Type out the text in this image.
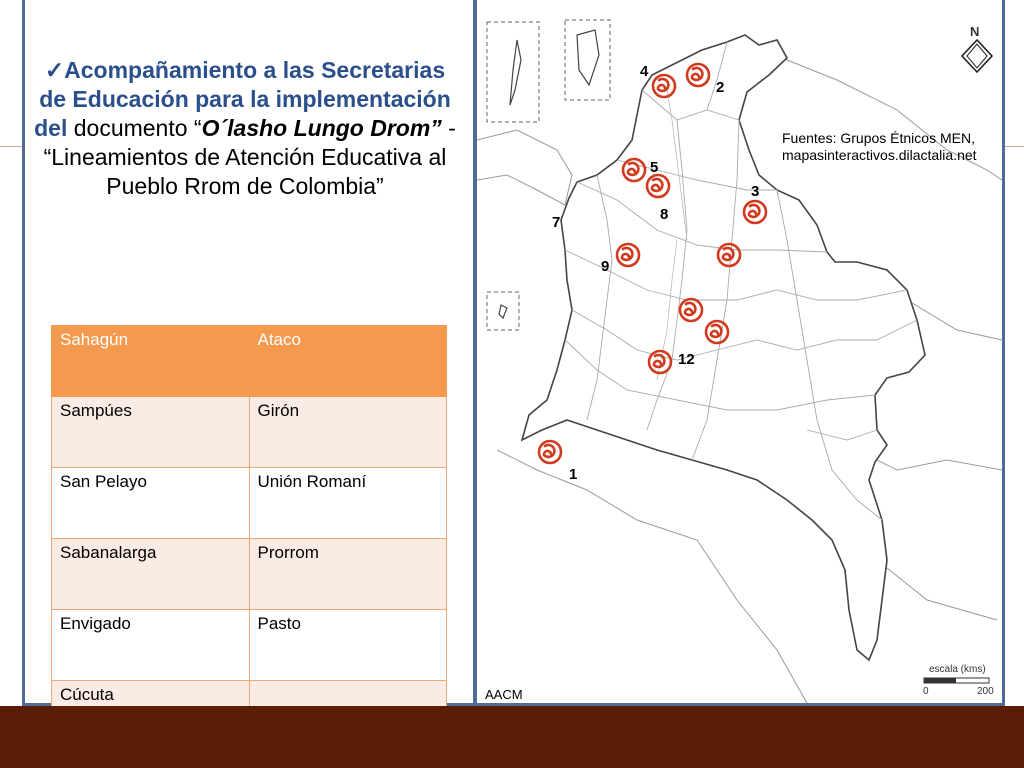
✓Acompañamiento a las Secretarias de Educación para la implementación del documento “O´lasho Lungo Drom” - “Lineamientos de Atención Educativa al Pueblo Rrom de Colombia”
Sahagún	Ataco
Sampúes	Girón
San Pelayo	Unión Romaní
Sabanalarga	Prorrom
Envigado	Pasto
Cúcuta	
N
escala (kms)
0	200
4
2
5
3
8
7
9
12
1
Fuentes: Grupos Étnicos MEN,
mapasinteractivos.dilactalia.net
AACM
